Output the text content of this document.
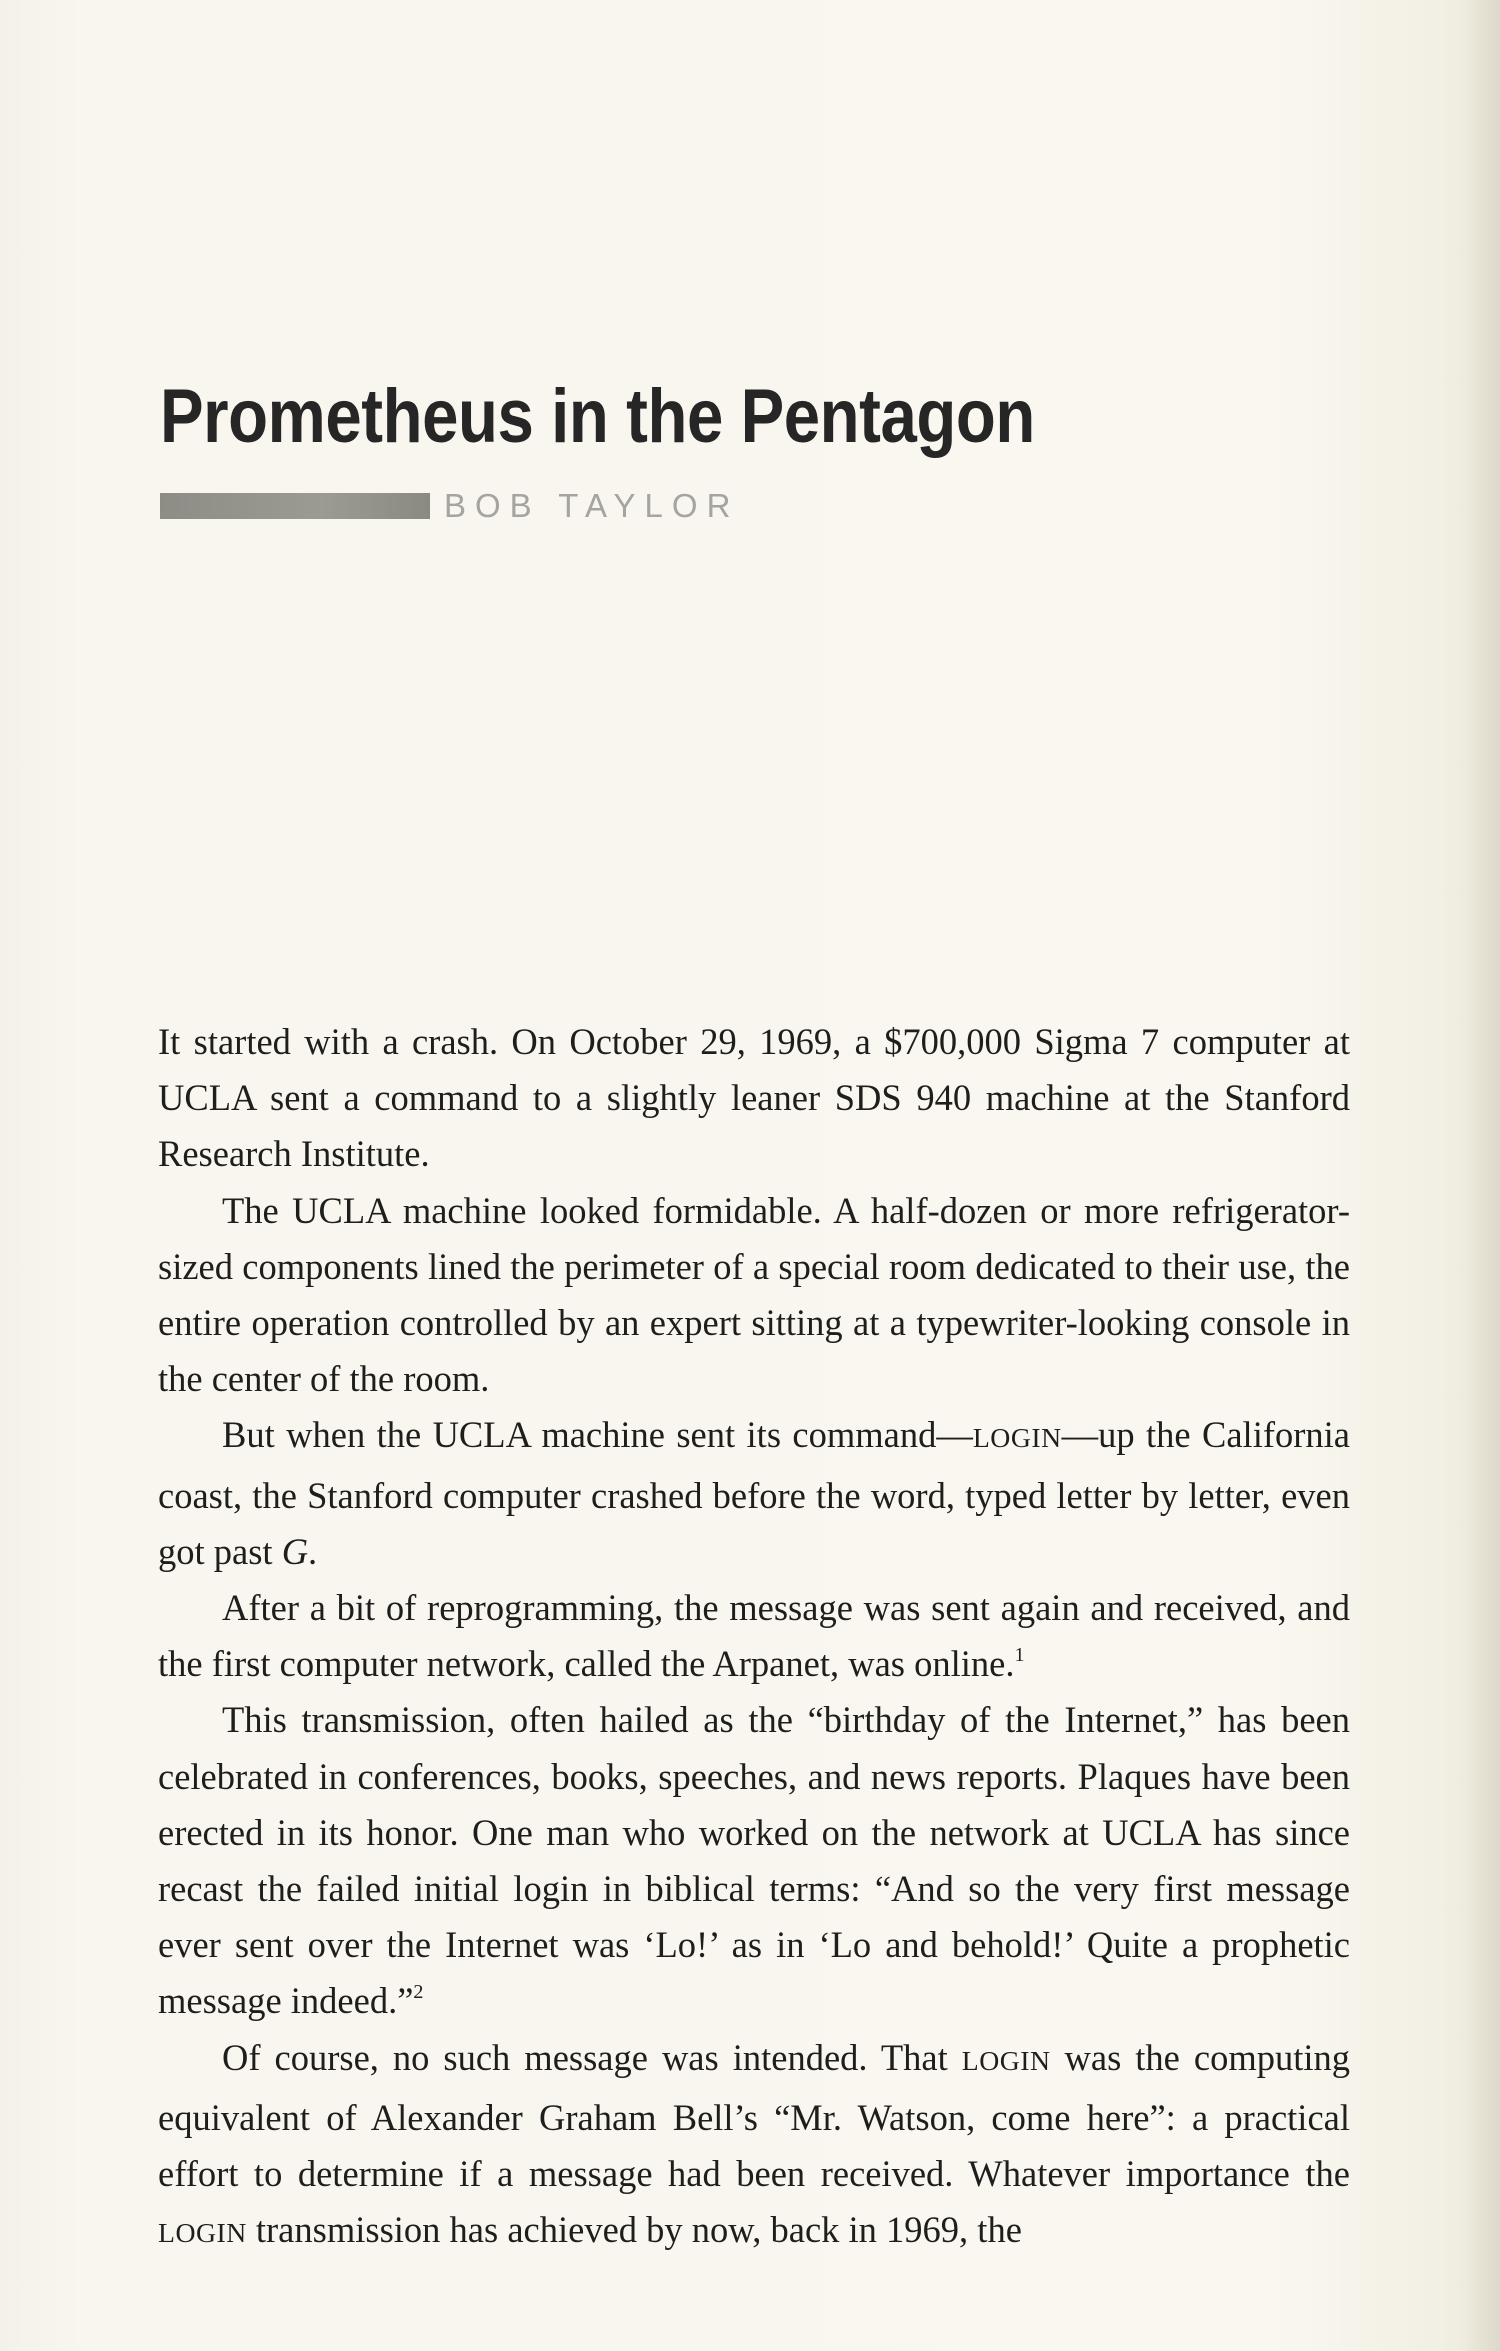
Prometheus in the Pentagon
BOB TAYLOR

It started with a crash. On October 29, 1969, a $700,000 Sigma 7 computer at UCLA sent a command to a slightly leaner SDS 940 machine at the Stanford Research Institute.

The UCLA machine looked formidable. A half-dozen or more refrigerator-sized components lined the perimeter of a special room dedicated to their use, the entire operation controlled by an expert sitting at a typewriter-looking console in the center of the room.

But when the UCLA machine sent its command—LOGIN—up the California coast, the Stanford computer crashed before the word, typed letter by letter, even got past G.

After a bit of reprogramming, the message was sent again and received, and the first computer network, called the Arpanet, was online.$^1$

This transmission, often hailed as the “birthday of the Internet,” has been celebrated in conferences, books, speeches, and news reports. Plaques have been erected in its honor. One man who worked on the network at UCLA has since recast the failed initial login in biblical terms: “And so the very first message ever sent over the Internet was ‘Lo!’ as in ‘Lo and behold!’ Quite a prophetic message indeed.”$^2$

Of course, no such message was intended. That LOGIN was the computing equivalent of Alexander Graham Bell’s “Mr. Watson, come here”: a practical effort to determine if a message had been received. Whatever importance the LOGIN transmission has achieved by now, back in 1969, the
